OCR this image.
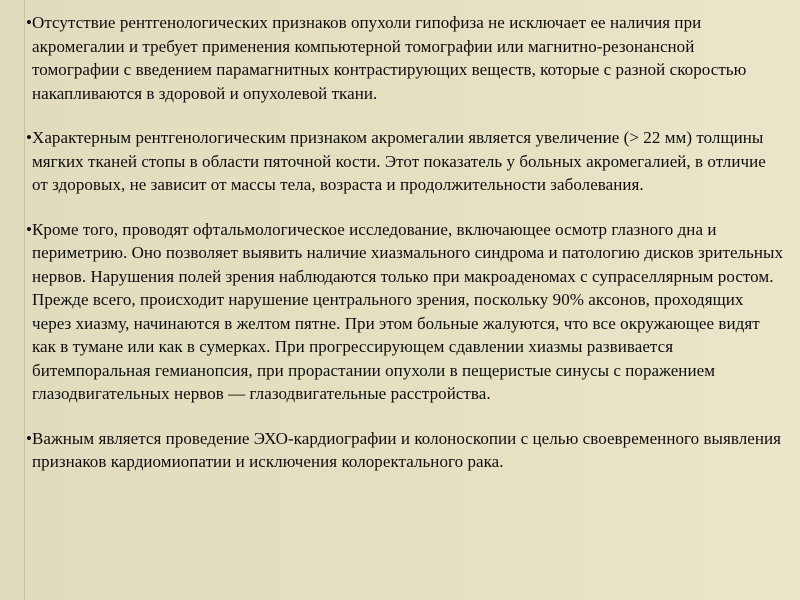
• Отсутствие рентгенологических признаков опухоли гипофиза не исключает ее наличия при акромегалии и требует применения компьютерной томографии или магнитно-резонансной томографии с введением парамагнитных контрастирующих веществ, которые с разной скоростью накапливаются в здоровой и опухолевой ткани.

• Характерным рентгенологическим признаком акромегалии является увеличение (> 22 мм) толщины мягких тканей стопы в области пяточной кости. Этот показатель у больных акромегалией, в отличие от здоровых, не зависит от массы тела, возраста и продолжительности заболевания.

• Кроме того, проводят офтальмологическое исследование, включающее осмотр глазного дна и периметрию. Оно позволяет выявить наличие хиазмального синдрома и патологию дисков зрительных нервов. Нарушения полей зрения наблюдаются только при макроаденомах с супраселлярным ростом. Прежде всего, происходит нарушение центрального зрения, поскольку 90% аксонов, проходящих через хиазму, начинаются в желтом пятне. При этом больные жалуются, что все окружающее видят как в тумане или как в сумерках. При прогрессирующем сдавлении хиазмы развивается битемпоральная гемианопсия, при прорастании опухоли в пещеристые синусы с поражением глазодвигательных нервов — глазодвигательные расстройства.

• Важным является проведение ЭХО-кардиографии и колоноскопии с целью своевременного выявления признаков кардиомиопатии и исключения колоректального рака.
